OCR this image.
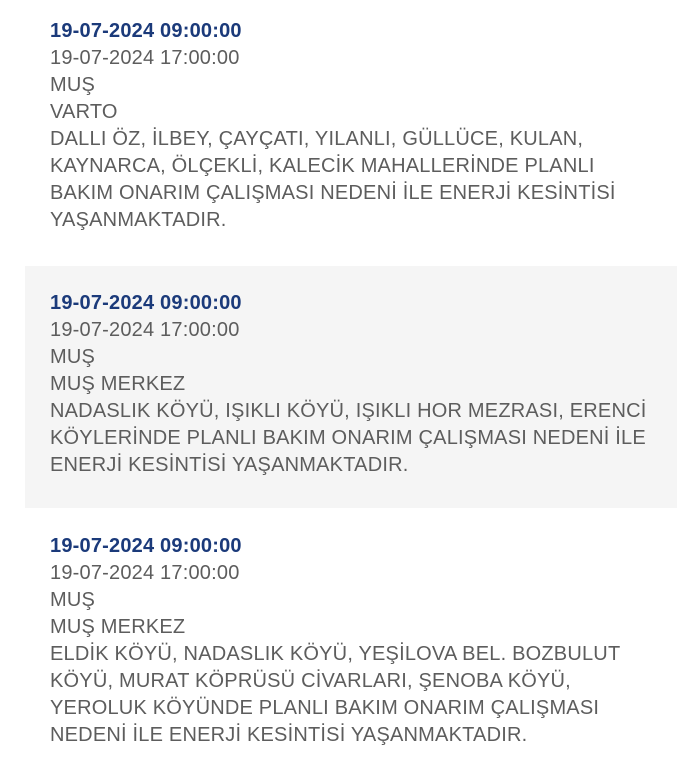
19-07-2024 09:00:00
19-07-2024 17:00:00
MUŞ
VARTO
DALLI ÖZ, İLBEY, ÇAYÇATI, YILANLI, GÜLLÜCE, KULAN, KAYNARCA, ÖLÇEKLİ, KALECİK MAHALLERİNDE PLANLI BAKIM ONARIM ÇALIŞMASI NEDENİ İLE ENERJİ KESİNTİSİ YAŞANMAKTADIR.
19-07-2024 09:00:00
19-07-2024 17:00:00
MUŞ
MUŞ MERKEZ
NADASLIK KÖYÜ, IŞIKLI KÖYÜ, IŞIKLI HOR MEZRASI, ERENCİ KÖYLERİNDE PLANLI BAKIM ONARIM ÇALIŞMASI NEDENİ İLE ENERJİ KESİNTİSİ YAŞANMAKTADIR.
19-07-2024 09:00:00
19-07-2024 17:00:00
MUŞ
MUŞ MERKEZ
ELDİK KÖYÜ, NADASLIK KÖYÜ, YEŞİLOVA BEL. BOZBULUT KÖYÜ, MURAT KÖPRÜSÜ CİVARLARI, ŞENOBA KÖYÜ, YEROLUK KÖYÜNDE PLANLI BAKIM ONARIM ÇALIŞMASI NEDENİ İLE ENERJİ KESİNTİSİ YAŞANMAKTADIR.
